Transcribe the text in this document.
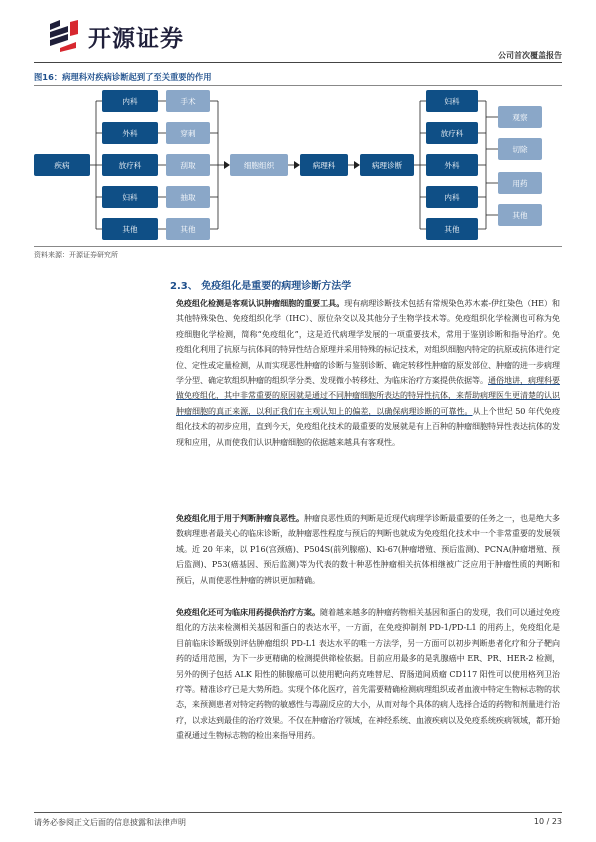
开源证券
公司首次覆盖报告
图16：病理科对疾病诊断起到了至关重要的作用
疾病
内科
外科
放疗科
妇科
其他
手术
穿刺
刮取
抽取
其他
细胞组织	病理科	病理诊断
妇科
放疗科
外科
内科
其他
观察
切除
用药
其他
资料来源：开源证券研究所
2.3、 免疫组化是重要的病理诊断方法学
免疫组化检测是客观认识肿瘤细胞的重要工具。现有病理诊断技术包括有常规染色苏木素-伊红染色（HE）和其他特殊染色、免疫组织化学（IHC）、原位杂交以及其他分子生物学技术等。免疫组织化学检测也可称为免疫细胞化学检测，简称“免疫组化”，这是近代病理学发展的一项重要技术，常用于鉴别诊断和指导治疗。免疫组化利用了抗原与抗体间的特异性结合原理并采用特殊的标记技术，对组织细胞内特定的抗原或抗体进行定位、定性或定量检测，从而实现恶性肿瘤的诊断与鉴别诊断、确定转移性肿瘤的原发部位、肿瘤的进一步病理学分型、确定软组织肿瘤的组织学分类、发现微小转移灶、为临床治疗方案提供依据等。通俗地讲，病理科要做免疫组化，其中非常重要的原因就是通过不同肿瘤细胞所表达的特异性抗体，来帮助病理医生更清楚的认识肿瘤细胞的真正来源，以利正我们在主观认知上的偏差，以确保病理诊断的可靠性。从上个世纪 50 年代免疫组化技术的初步应用，直到今天，免疫组化技术的最重要的发展就是有上百种的肿瘤细胞特异性表达抗体的发现和应用，从而使我们认识肿瘤细胞的依据越来越具有客观性。
免疫组化用于用于判断肿瘤良恶性。肿瘤良恶性质的判断是近现代病理学诊断最重要的任务之一，也是绝大多数病理患者最关心的临床诊断，故肿瘤恶性程度与预后的判断也就成为免疫组化技术中一个非常重要的发展领域。近 20 年来，以 P16(宫颈癌)、P504S(前列腺癌)、Ki-67(肿瘤增殖、预后监测)、PCNA(肿瘤增殖、预后监测)、P53(癌基因、预后监测)等为代表的数十种恶性肿瘤相关抗体相继被广泛应用于肿瘤性质的判断和预后，从而使恶性肿瘤的辨识更加精确。
免疫组化还可为临床用药提供治疗方案。随着越来越多的肿瘤药物相关基因和蛋白的发现，我们可以通过免疫组化的方法来检测相关基因和蛋白的表达水平，一方面，在免疫抑制剂 PD-1/PD-L1 的用药上，免疫组化是目前临床诊断级别评估肿瘤组织 PD-L1 表达水平的唯一方法学，另一方面可以初步判断患者化疗和分子靶向药的适用范围，为下一步更精确的检测提供筛检依据。目前应用最多的是乳腺癌中 ER、PR、HER-2 检测，另外的例子包括 ALK 阳性的肺腺癌可以使用靶向药克唑替尼、胃肠道间质瘤 CD117 阳性可以使用格列卫治疗等。精准诊疗已是大势所趋。实现个体化医疗，首先需要精确检测病理组织或者血液中特定生物标志物的状态，来预测患者对特定药物的敏感性与毒副反应的大小，从而对每个具体的病人选择合适的药物和剂量进行治疗，以求达到最佳的治疗效果。不仅在肿瘤治疗领域，在神经系统、血液疾病以及免疫系统疾病领域，都开始重视通过生物标志物的检出来指导用药。
请务必参阅正文后面的信息披露和法律声明	10 / 23
